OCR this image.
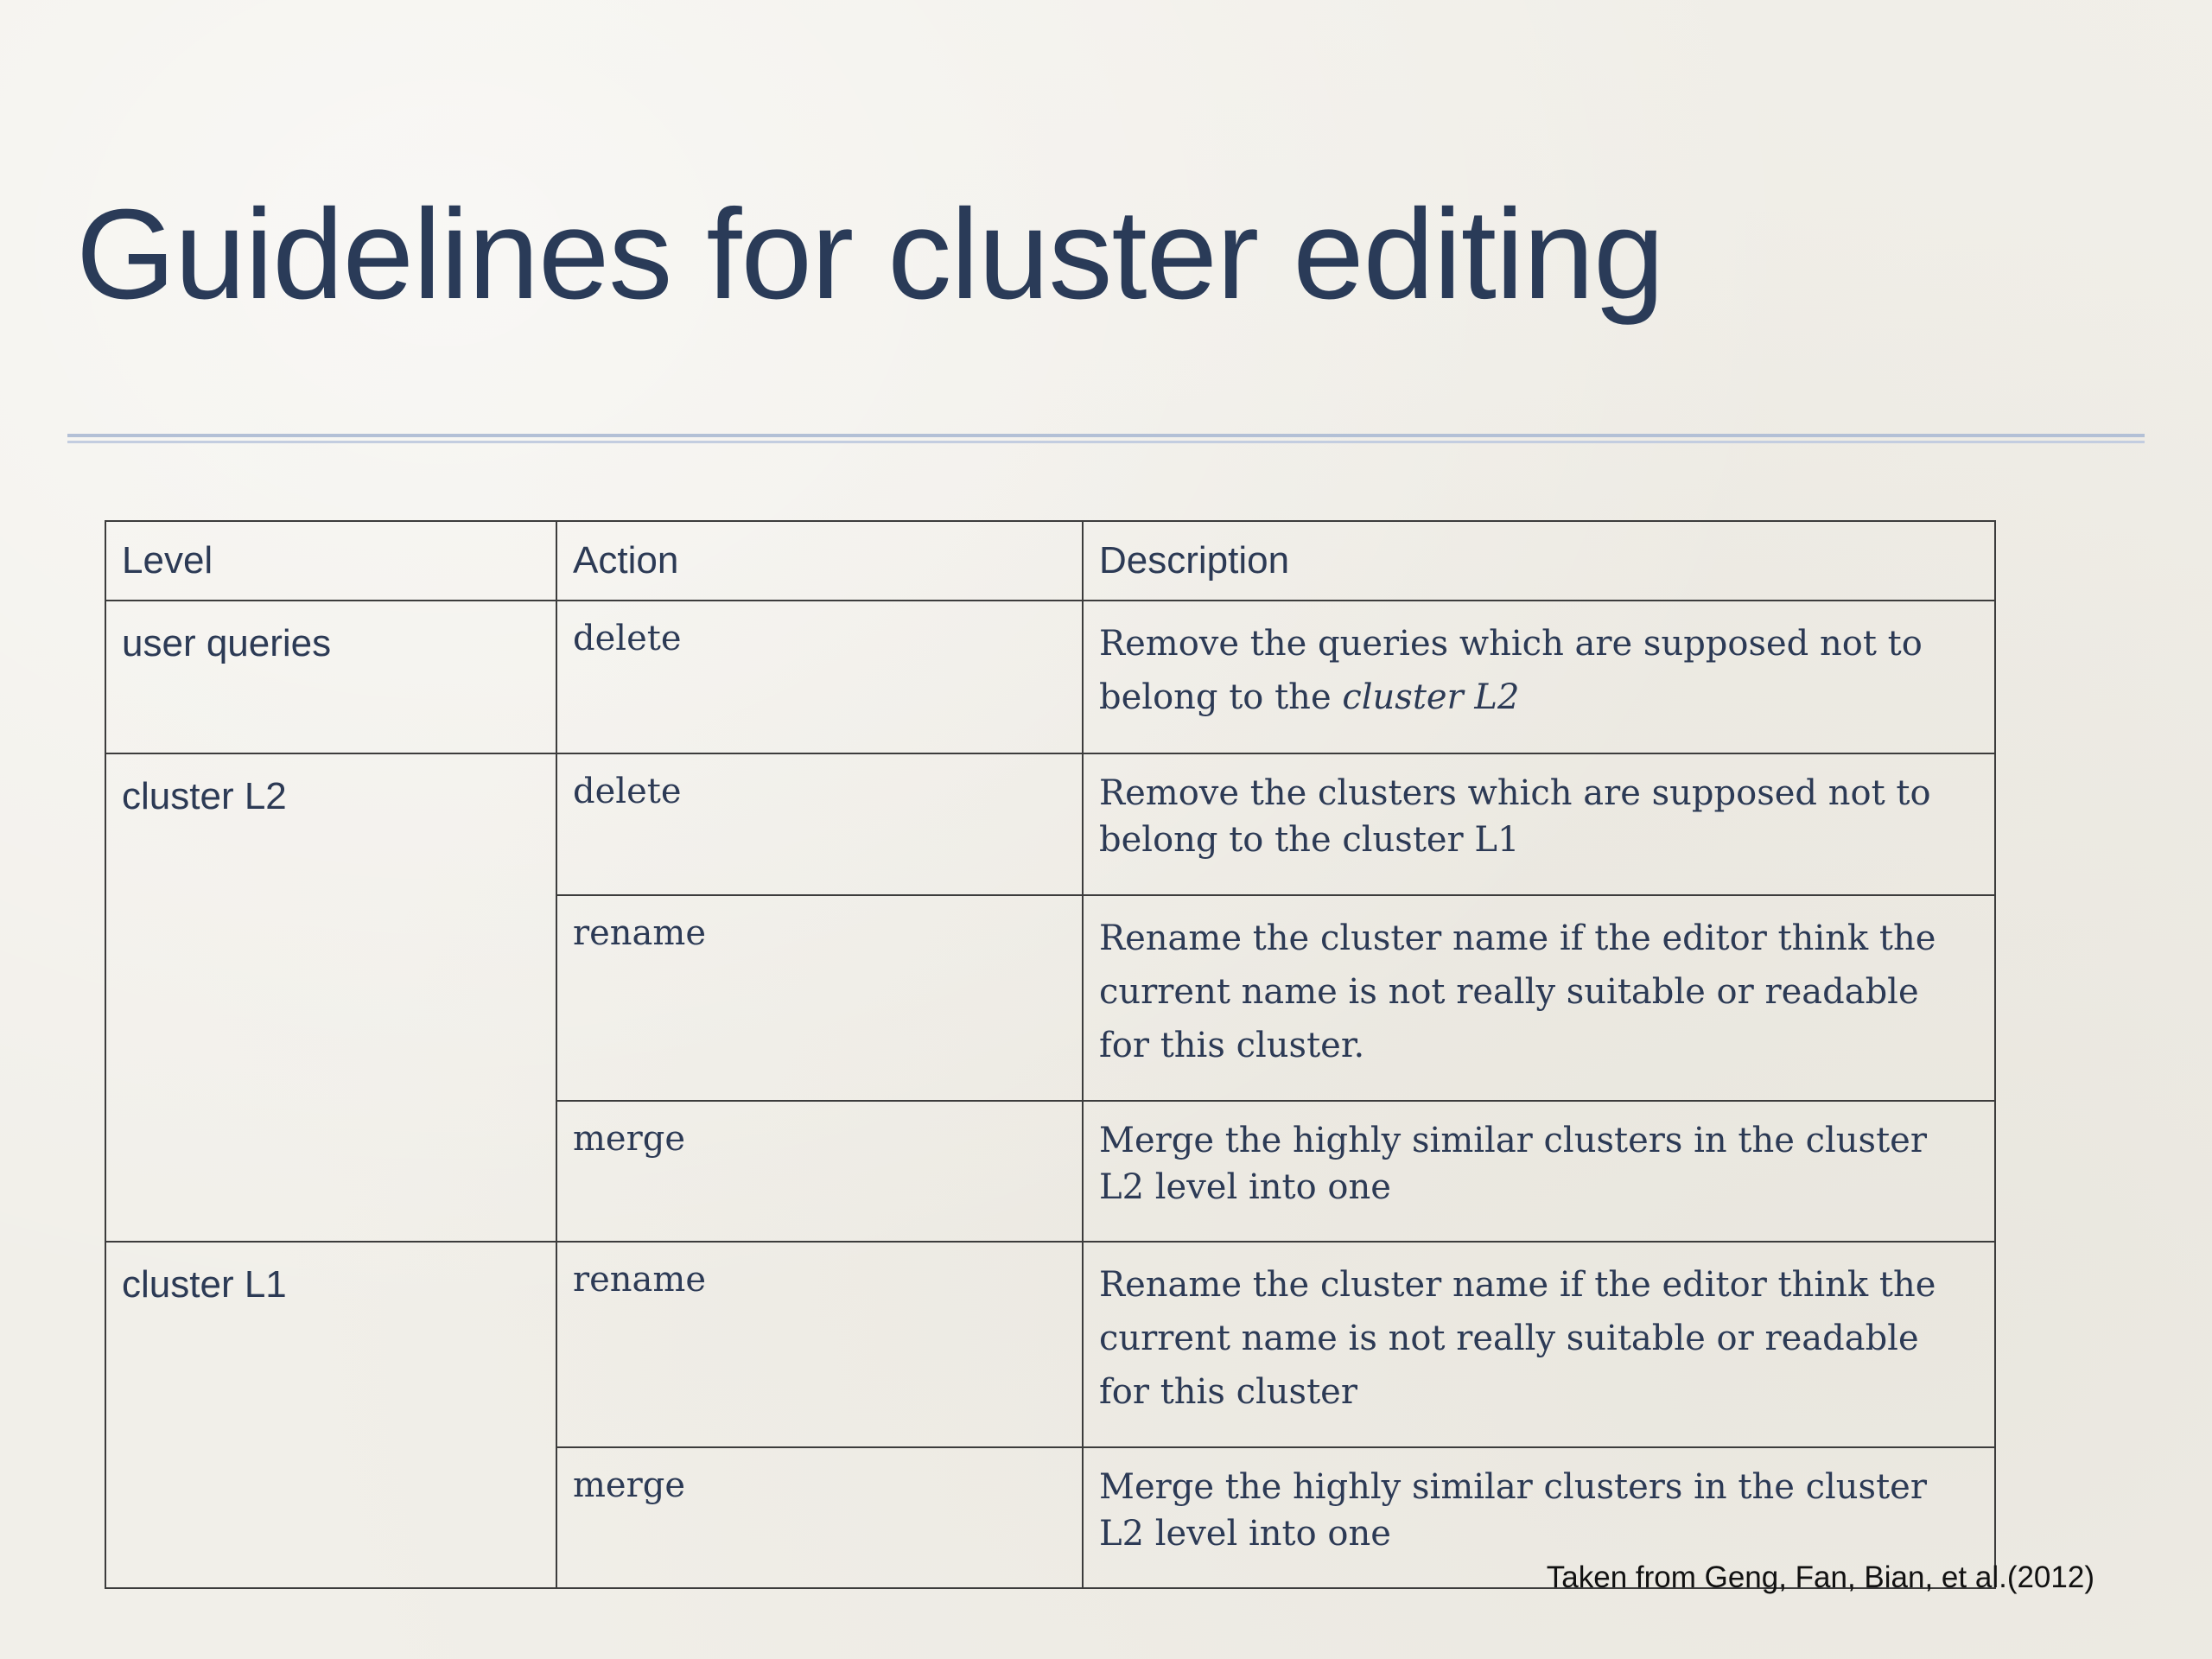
Guidelines for cluster editing
Level	Action	Description
user queries	delete	Remove the queries which are supposed not to belong to the cluster L2
cluster L2	delete	Remove the clusters which are supposed not to belong to the cluster L1
	rename	Rename the cluster name if the editor think the current name is not really suitable or readable for this cluster.
	merge	Merge the highly similar clusters in the cluster L2 level into one
cluster L1	rename	Rename the cluster name if the editor think the current name is not really suitable or readable for this cluster
	merge	Merge the highly similar clusters in the cluster L2 level into one
Taken from Geng, Fan, Bian, et al.(2012)
